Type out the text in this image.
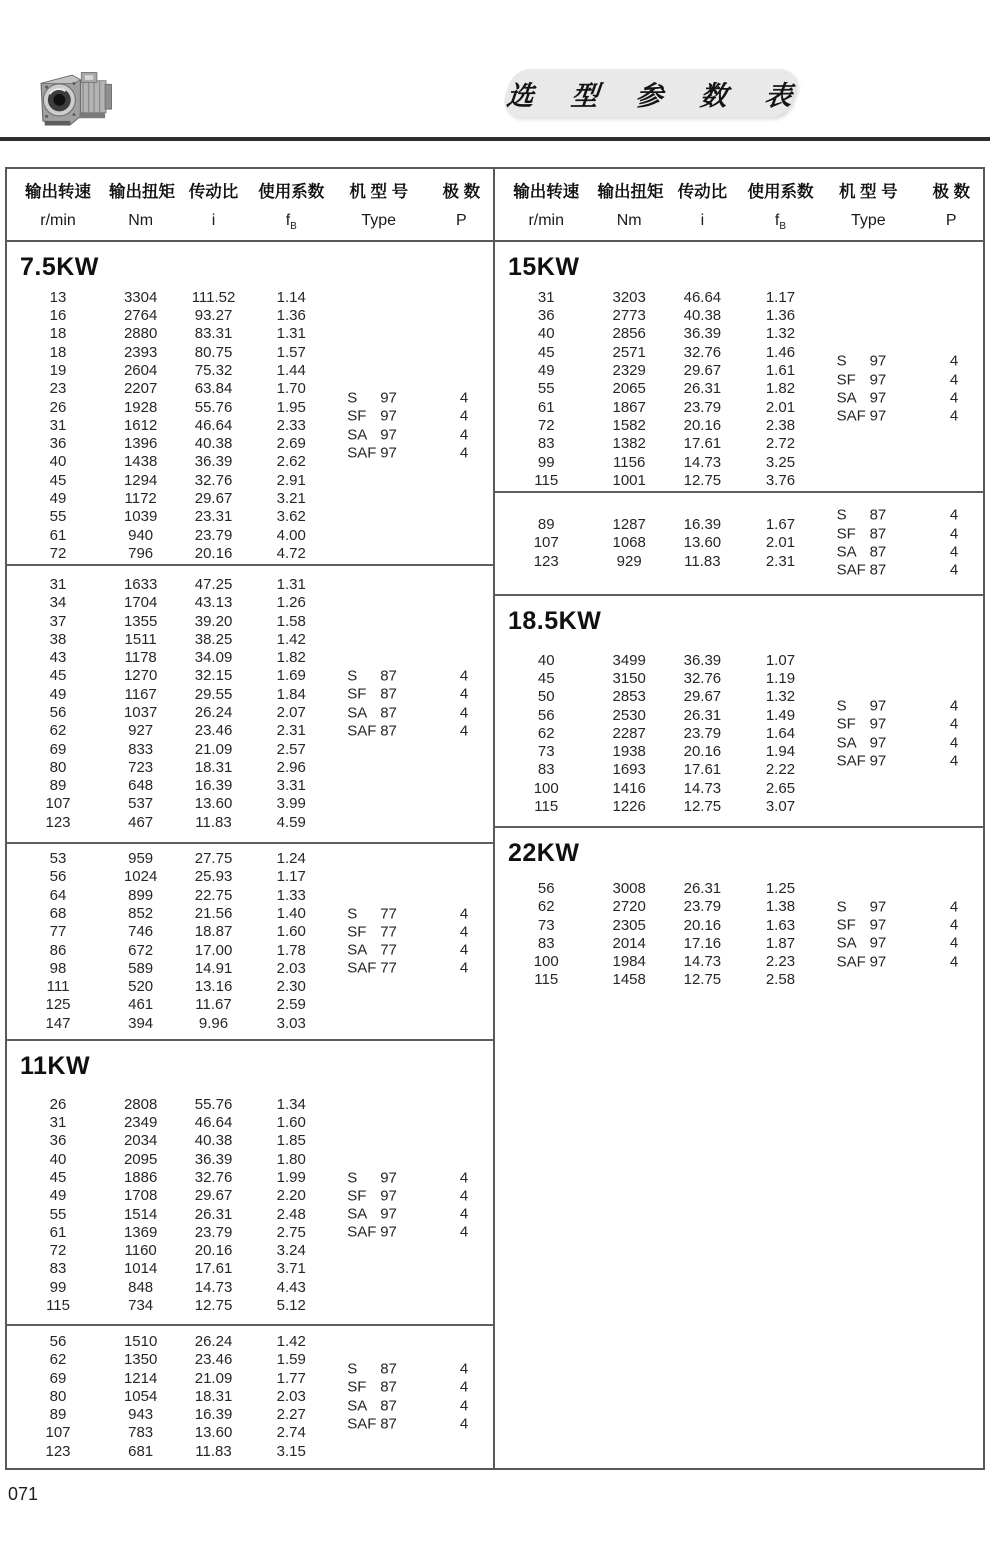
选 型 参 数 表
输出转速	输出扭矩 传动比	使用系数	机 型 号	极 数
r/min	Nm	i	$f_B$	Type	P
7.5KW
13	3304	111.52	1.14
16	2764	93.27	1.36
18	2880	83.31	1.31
18	2393	80.75	1.57
19	2604	75.32	1.44
23	2207	63.84	1.70
26	1928	55.76	1.95
31	1612	46.64	2.33
36	1396	40.38	2.69
40	1438	36.39	2.62
45	1294	32.76	2.91
49	1172	29.67	3.21
55	1039	23.31	3.62
61	940	23.79	4.00
72	796	20.16	4.72
S	97	4
SF 97	4
SA 97	4
SAF 97	4
31	1633	47.25	1.31
34	1704	43.13	1.26
37	1355	39.20	1.58
38	1511	38.25	1.42
43	1178	34.09	1.82
45	1270	32.15	1.69
49	1167	29.55	1.84
56	1037	26.24	2.07
62	927	23.46	2.31
69	833	21.09	2.57
80	723	18.31	2.96
89	648	16.39	3.31
107	537	13.60	3.99
123	467	11.83	4.59
S	87	4
SF 87	4
SA 87	4
SAF 87	4
53	959	27.75	1.24
56	1024	25.93	1.17
64	899	22.75	1.33
68	852	21.56	1.40
77	746	18.87	1.60
86	672	17.00	1.78
98	589	14.91	2.03
111	520	13.16	2.30
125	461	11.67	2.59
147	394	9.96	3.03
S	77	4
SF 77	4
SA 77	4
SAF 77	4
11KW
26	2808	55.76	1.34
31	2349	46.64	1.60
36	2034	40.38	1.85
40	2095	36.39	1.80
45	1886	32.76	1.99
49	1708	29.67	2.20
55	1514	26.31	2.48
61	1369	23.79	2.75
72	1160	20.16	3.24
83	1014	17.61	3.71
99	848	14.73	4.43
115	734	12.75	5.12
S	97	4
SF 97	4
SA 97	4
SAF 97	4
56	1510	26.24	1.42
62	1350	23.46	1.59
69	1214	21.09	1.77
80	1054	18.31	2.03
89	943	16.39	2.27
107	783	13.60	2.74
123	681	11.83	3.15
S	87	4
SF 87	4
SA 87	4
SAF 87	4
输出转速	输出扭矩 传动比	使用系数	机 型 号	极 数
r/min	Nm	i	$f_B$	Type	P
15KW
31	3203	46.64	1.17
36	2773	40.38	1.36
40	2856	36.39	1.32
45	2571	32.76	1.46
49	2329	29.67	1.61
55	2065	26.31	1.82
61	1867	23.79	2.01
72	1582	20.16	2.38
83	1382	17.61	2.72
99	1156	14.73	3.25
115	1001	12.75	3.76
S	97	4
SF 97	4
SA 97	4
SAF 97	4
89	1287	16.39	1.67
107	1068	13.60	2.01
123	929	11.83	2.31
S	87	4
SF 87	4
SA 87	4
SAF 87	4
18.5KW
40	3499	36.39	1.07
45	3150	32.76	1.19
50	2853	29.67	1.32
56	2530	26.31	1.49
62	2287	23.79	1.64
73	1938	20.16	1.94
83	1693	17.61	2.22
100	1416	14.73	2.65
115	1226	12.75	3.07
S	97	4
SF 97	4
SA 97	4
SAF 97	4
22KW
56	3008	26.31	1.25
62	2720	23.79	1.38
73	2305	20.16	1.63
83	2014	17.16	1.87
100	1984	14.73	2.23
115	1458	12.75	2.58
S	97	4
SF 97	4
SA 97	4
SAF 97	4
071
